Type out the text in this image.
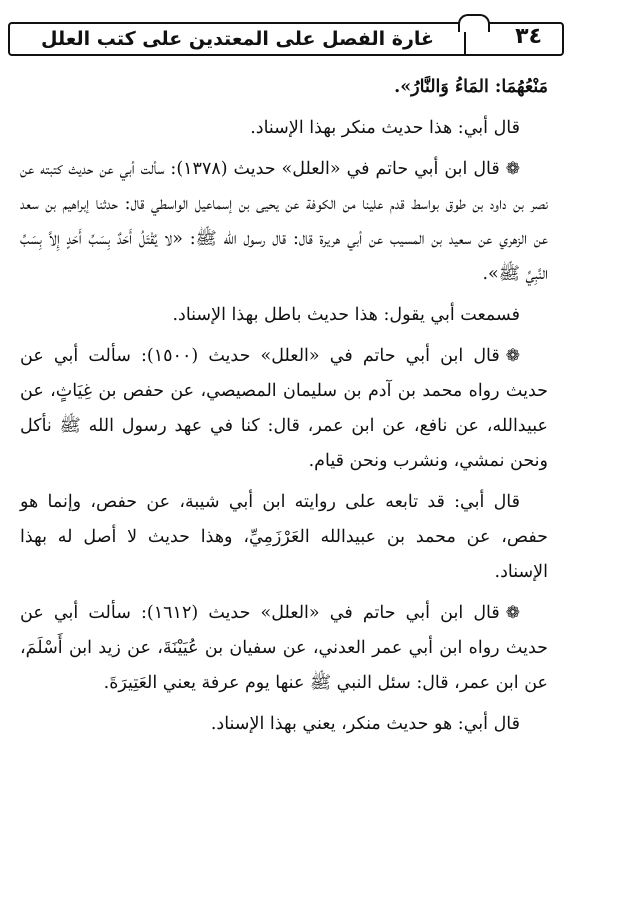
٣٤
غارة الفصل على المعتدين على كتب العلل

مَنْعُهُمَا: المَاءُ وَالنَّارُ».

قال أبي: هذا حديث منكر بهذا الإسناد.

❁قال ابن أبي حاتم في «العلل» حديث (١٣٧٨): سألت أبي عن حديث كتبته عن نصر بن داود بن طوق بواسط قدم علينا من الكوفة عن يحيى بن إسماعيل الواسطي قال: حدثنا إبراهيم بن سعد عن الزهري عن سعيد بن المسيب عن أبي هريرة قال: قال رسول الله ﷺ: «لا يُقْتَلُ أَحَدٌ بِسَبِّ أَحَدٍ إِلاَّ بِسَبِّ النَّبِيِّ ﷺ».

فسمعت أبي يقول: هذا حديث باطل بهذا الإسناد.

❁قال ابن أبي حاتم في «العلل» حديث (١٥٠٠): سألت أبي عن حديث رواه محمد بن آدم بن سليمان المصيصي، عن حفص بن غِيَاثٍ، عن عبيدالله، عن نافع، عن ابن عمر، قال: كنا في عهد رسول الله ﷺ نأكل ونحن نمشي، ونشرب ونحن قيام.

قال أبي: قد تابعه على روايته ابن أبي شيبة، عن حفص، وإنما هو حفص، عن محمد بن عبيدالله العَرْزَمِيِّ، وهذا حديث لا أصل له بهذا الإسناد.

❁قال ابن أبي حاتم في «العلل» حديث (١٦١٢): سألت أبي عن حديث رواه ابن أبي عمر العدني، عن سفيان بن عُيَيْنَةَ، عن زيد ابن أَسْلَمَ، عن ابن عمر، قال: سئل النبي ﷺ عنها يوم عرفة يعني العَتِيرَةَ.

قال أبي: هو حديث منكر، يعني بهذا الإسناد.
